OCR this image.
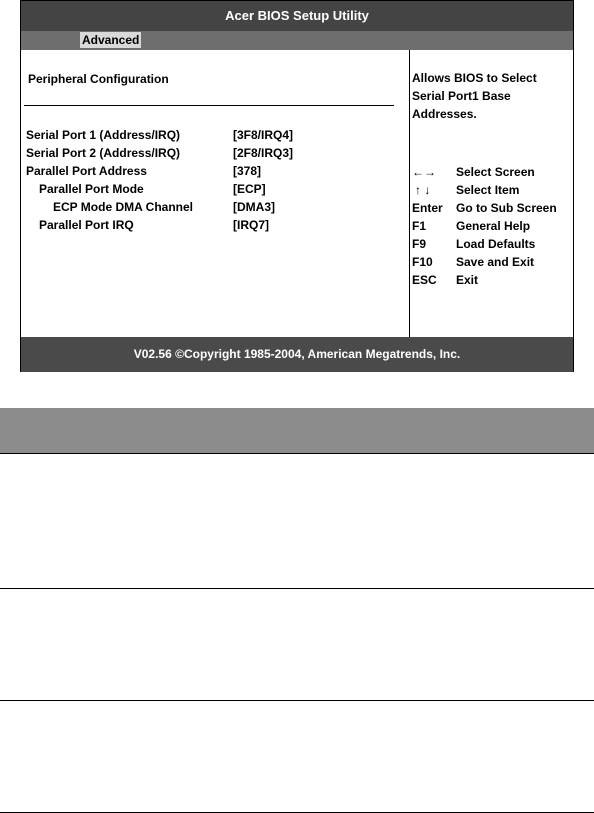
Acer BIOS Setup Utility
Advanced
Peripheral Configuration
Serial Port 1 (Address/IRQ)	[3F8/IRQ4]
Serial Port 2 (Address/IRQ)	[2F8/IRQ3]
Parallel Port Address	[378]
Parallel Port Mode	[ECP]
ECP Mode DMA Channel	[DMA3]
Parallel Port IRQ	[IRQ7]
Allows BIOS to Select
Serial Port1 Base
Addresses.
←→ Select Screen
↑ ↓ Select Item
Enter Go to Sub Screen
F1 General Help
F9 Load Defaults
F10 Save and Exit
ESC Exit
V02.56 ©Copyright 1985-2004, American Megatrends, Inc.
